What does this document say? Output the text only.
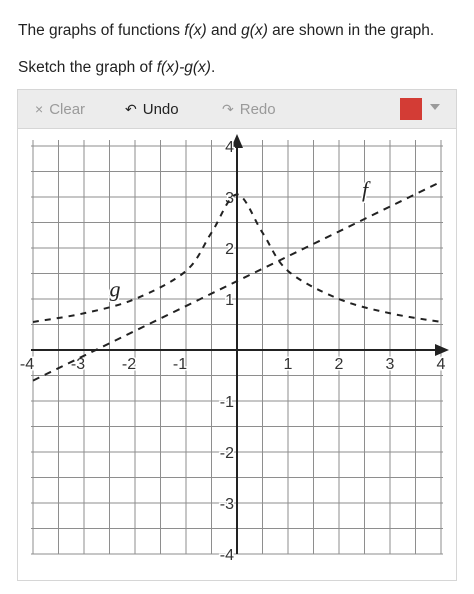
The graphs of functions f(x) and g(x) are shown in the graph.

Sketch the graph of f(x)-g(x).

× Clear	↶ Undo	↷ Redo
-4 -3 -2 -1	1	2	3	4
4
3
2
1
-1
-2
-3
-4
f
g
